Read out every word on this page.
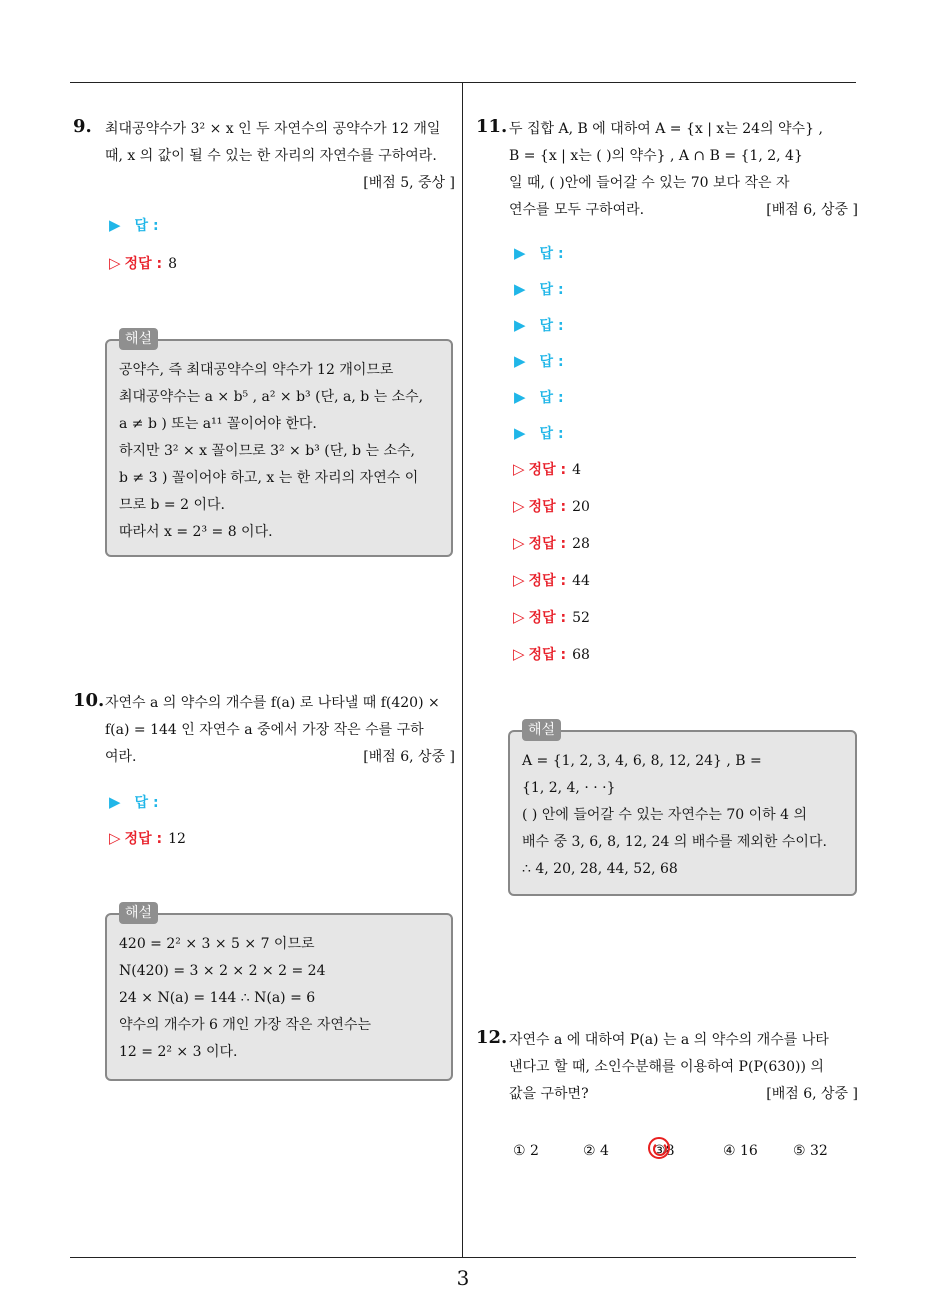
9. 최대공약수가 3² × x 인 두 자연수의 공약수가 12 개일
때, x 의 값이 될 수 있는 한 자리의 자연수를 구하여라.
[배점 5, 중상 ]
▶ 답 :
▷ 정답 : 8
해설
공약수, 즉 최대공약수의 약수가 12 개이므로
최대공약수는 a × b⁵ , a² × b³ (단, a, b 는 소수,
a ≠ b ) 또는 a¹¹ 꼴이어야 한다.
하지만 3² × x 꼴이므로 3² × b³ (단, b 는 소수,
b ≠ 3 ) 꼴이어야 하고, x 는 한 자리의 자연수 이
므로 b = 2 이다.
따라서 x = 2³ = 8 이다.
10. 자연수 a 의 약수의 개수를 f(a) 로 나타낼 때 f(420) ×
f(a) = 144 인 자연수 a 중에서 가장 작은 수를 구하
여라.	[배점 6, 상중 ]
▶ 답 :
▷ 정답 : 12
해설
420 = 2² × 3 × 5 × 7 이므로
N(420) = 3 × 2 × 2 × 2 = 24
24 × N(a) = 144 ∴ N(a) = 6
약수의 개수가 6 개인 가장 작은 자연수는
12 = 2² × 3 이다.
11. 두 집합 A, B 에 대하여 A = {x | x는 24의 약수} ,
B = {x | x는 ( )의 약수} , A ∩ B = {1, 2, 4}
일 때, ( )안에 들어갈 수 있는 70 보다 작은 자
연수를 모두 구하여라.	[배점 6, 상중 ]
▶ 답 :
▶ 답 :
▶ 답 :
▶ 답 :
▶ 답 :
▶ 답 :
▷ 정답 : 4
▷ 정답 : 20
▷ 정답 : 28
▷ 정답 : 44
▷ 정답 : 52
▷ 정답 : 68
해설
A = {1, 2, 3, 4, 6, 8, 12, 24} , B =
{1, 2, 4, · · ·}
( ) 안에 들어갈 수 있는 자연수는 70 이하 4 의
배수 중 3, 6, 8, 12, 24 의 배수를 제외한 수이다.
∴ 4, 20, 28, 44, 52, 68
12. 자연수 a 에 대하여 P(a) 는 a 의 약수의 개수를 나타
낸다고 할 때, 소인수분해를 이용하여 P(P(630)) 의
값을 구하면?	[배점 6, 상중 ]
① 2	② 4	③
8	④ 16	⑤ 32
3
